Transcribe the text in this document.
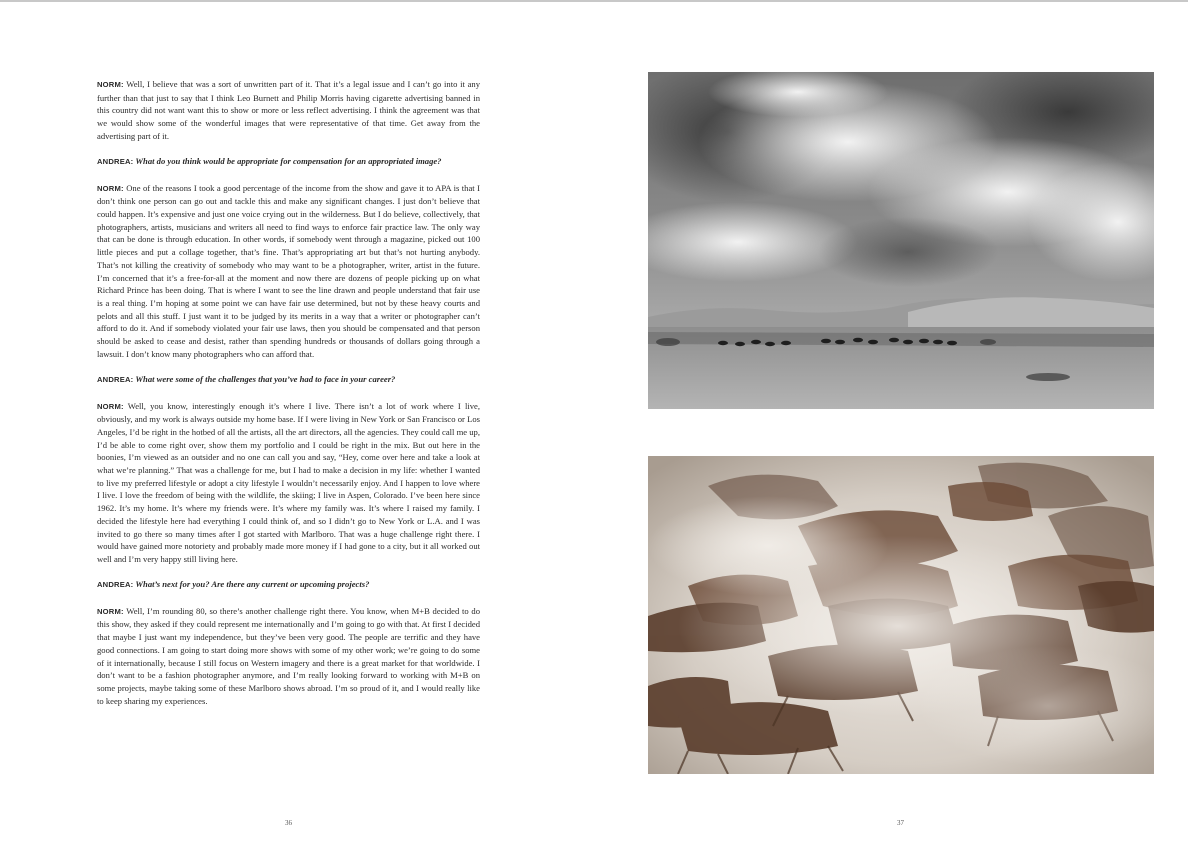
NORM: Well, I believe that was a sort of unwritten part of it. That it’s a legal issue and I can’t go into it any further than that just to say that I think Leo Burnett and Philip Morris having cigarette advertising banned in this country did not want want this to show or more or less reflect advertising. I think the agreement was that we would show some of the wonderful images that were representative of that time. Get away from the advertising part of it.

ANDREA: What do you think would be appropriate for compensation for an appropriated image?

NORM: One of the reasons I took a good percentage of the income from the show and gave it to APA is that I don’t think one person can go out and tackle this and make any significant changes. I just don’t believe that could happen. It’s expensive and just one voice crying out in the wilderness. But I do believe, collectively, that photographers, artists, musicians and writers all need to find ways to enforce fair practice law. The only way that can be done is through education. In other words, if somebody went through a magazine, picked out 100 little pieces and put a collage together, that’s fine. That’s appropriating art but that’s not hurting anybody. That’s not killing the creativity of somebody who may want to be a photographer, writer, artist in the future. I’m concerned that it’s a free-for-all at the moment and now there are dozens of people picking up on what Richard Prince has been doing. That is where I want to see the line drawn and people understand that fair use is a real thing. I’m hoping at some point we can have fair use determined, but not by these heavy courts and pelots and all this stuff. I just want it to be judged by its merits in a way that a writer or photographer can’t afford to do it. And if somebody violated your fair use laws, then you should be compensated and that person should be asked to cease and desist, rather than spending hundreds or thousands of dollars going through a lawsuit. I don’t know many photographers who can afford that.

ANDREA: What were some of the challenges that you’ve had to face in your career?

NORM: Well, you know, interestingly enough it’s where I live. There isn’t a lot of work where I live, obviously, and my work is always outside my home base. If I were living in New York or San Francisco or Los Angeles, I’d be right in the hotbed of all the artists, all the art directors, all the agencies. They could call me up, I’d be able to come right over, show them my portfolio and I could be right in the mix. But out here in the boonies, I’m viewed as an outsider and no one can call you and say, “Hey, come over here and take a look at what we’re planning.” That was a challenge for me, but I had to make a decision in my life: whether I wanted to live my preferred lifestyle or adopt a city lifestyle I wouldn’t necessarily enjoy. And I happen to love where I live. I love the freedom of being with the wildlife, the skiing; I live in Aspen, Colorado. I’ve been here since 1962. It’s my home. It’s where my friends were. It’s where my family was. It’s where I raised my family. I decided the lifestyle here had everything I could think of, and so I didn’t go to New York or L.A. and I was invited to go there so many times after I got started with Marlboro. That was a huge challenge right there. I would have gained more notoriety and probably made more money if I had gone to a city, but it all worked out well and I’m very happy still living here.

ANDREA: What’s next for you? Are there any current or upcoming projects?

NORM: Well, I’m rounding 80, so there’s another challenge right there. You know, when M+B decided to do this show, they asked if they could represent me internationally and I’m going to go with that. At first I decided that maybe I just want my independence, but they’ve been very good. The people are terrific and they have good connections. I am going to start doing more shows with some of my other work; we’re going to do some of it internationally, because I still focus on Western imagery and there is a great market for that worldwide. I don’t want to be a fashion photographer anymore, and I’m really looking forward to working with M+B on some projects, maybe taking some of these Marlboro shows abroad. I’m so proud of it, and I would really like to keep sharing my experiences.

36	37
